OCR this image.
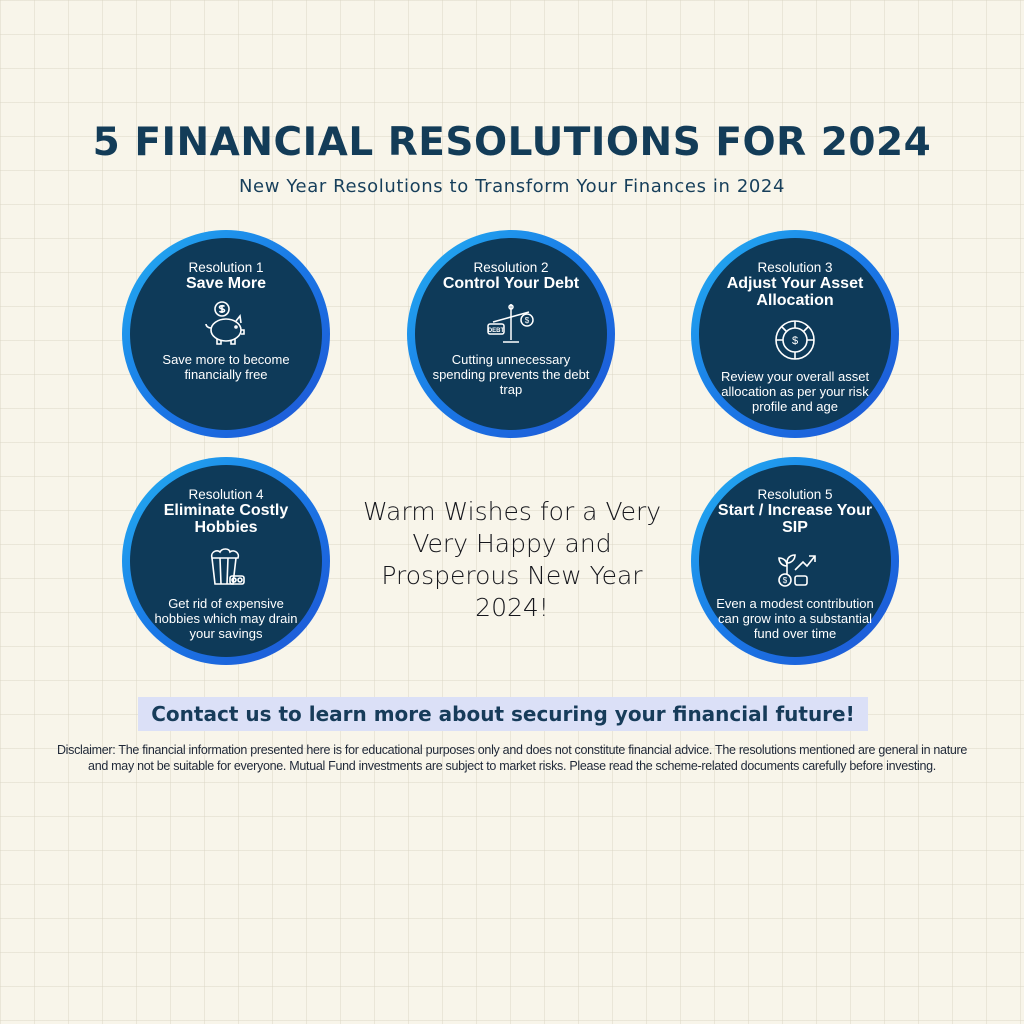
5 FINANCIAL RESOLUTIONS FOR 2024
New Year Resolutions to Transform Your Finances in 2024
Resolution 1
Save More
Save more to become financially free
Resolution 2
Control Your Debt
DEBT
$
Cutting unnecessary spending prevents the debt trap
Resolution 3
Adjust Your Asset Allocation
$
Review your overall asset allocation as per your risk profile and age
Resolution 4
Eliminate Costly Hobbies
Get rid of expensive hobbies which may drain your savings
Resolution 5
Start / Increase Your SIP
$
Even a modest contribution can grow into a substantial fund over time
Warm Wishes for a Very Very Happy and Prosperous New Year 2024!
Contact us to learn more about securing your financial future!
Disclaimer: The financial information presented here is for educational purposes only and does not constitute financial advice. The resolutions mentioned are general in nature and may not be suitable for everyone. Mutual Fund investments are subject to market risks. Please read the scheme-related documents carefully before investing.
